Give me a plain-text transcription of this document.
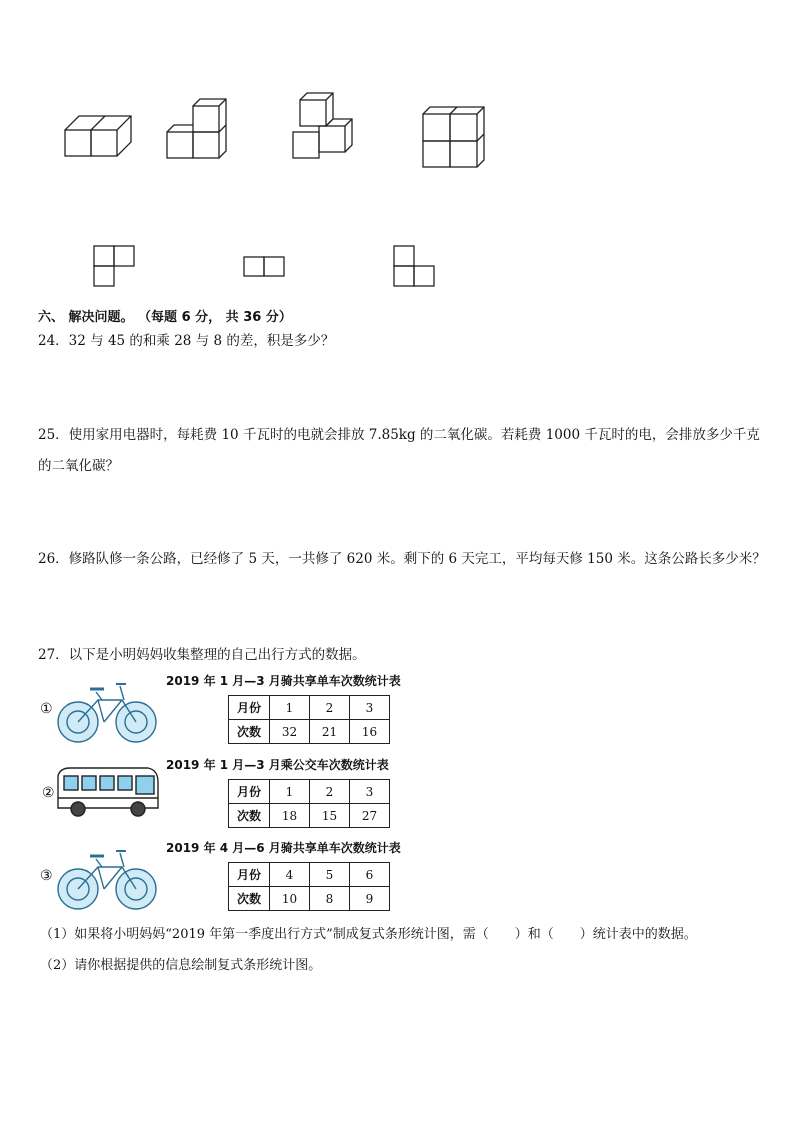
六、 解决问题。 （每题 6 分， 共 36 分）
24．32 与 45 的和乘 28 与 8 的差，积是多少？
25．使用家用电器时，每耗费 10 千瓦时的电就会排放 7.85kg 的二氧化碳。若耗费 1000 千瓦时的电，会排放多少千克
的二氧化碳？
26．修路队修一条公路，已经修了 5 天，一共修了 620 米。剩下的 6 天完工，平均每天修 150 米。这条公路长多少米？
27．以下是小明妈妈收集整理的自己出行方式的数据。
①
2019 年 1 月—3 月骑共享单车次数统计表
月份	1	2	3
次数	32	21	16
②
2019 年 1 月—3 月乘公交车次数统计表
月份	1	2	3
次数	18	15	27
③
2019 年 4 月—6 月骑共享单车次数统计表
月份	4	5	6
次数	10	8	9
（1）如果将小明妈妈“2019 年第一季度出行方式”制成复式条形统计图，需（　　）和（　　）统计表中的数据。
（2）请你根据提供的信息绘制复式条形统计图。
